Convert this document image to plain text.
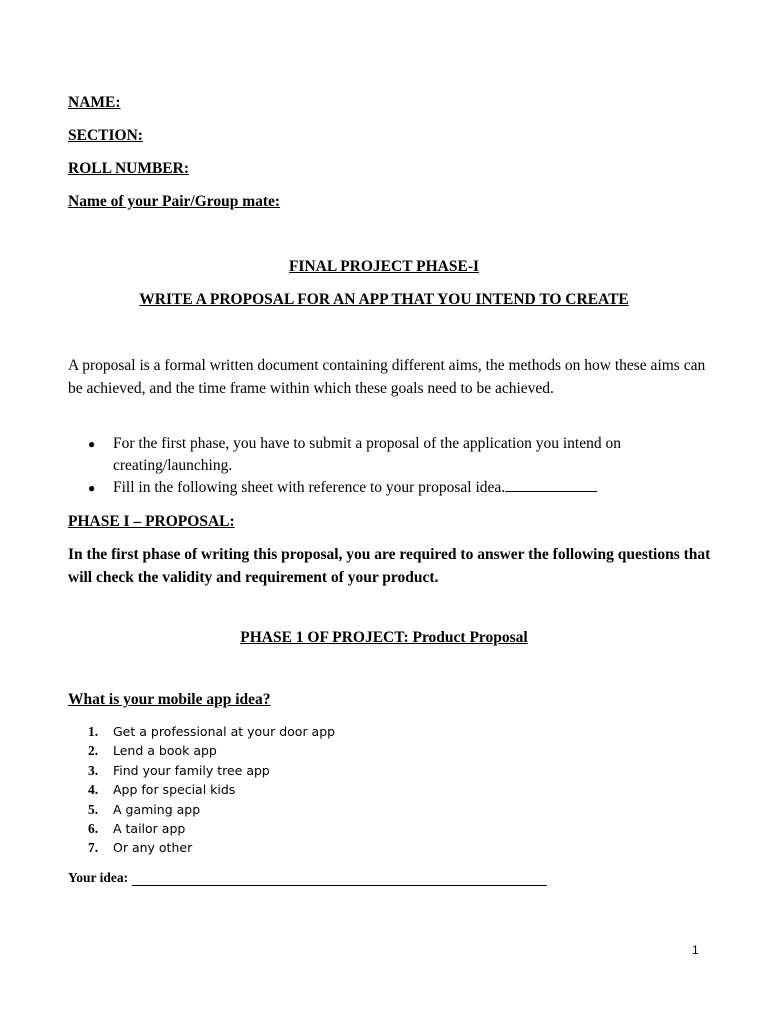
NAME:
SECTION:
ROLL NUMBER:
Name of your Pair/Group mate:
FINAL PROJECT PHASE-I
WRITE A PROPOSAL FOR AN APP THAT YOU INTEND TO CREATE
A proposal is a formal written document containing different aims, the methods on how these aims can be achieved, and the time frame within which these goals need to be achieved.
●	For the first phase, you have to submit a proposal of the application you intend on creating/launching.
●	Fill in the following sheet with reference to your proposal idea.
PHASE I – PROPOSAL:
In the first phase of writing this proposal, you are required to answer the following questions that will check the validity and requirement of your product.
PHASE 1 OF PROJECT: Product Proposal
What is your mobile app idea?
1.	Get a professional at your door app
2.	Lend a book app
3.	Find your family tree app
4.	App for special kids
5.	A gaming app
6.	A tailor app
7.	Or any other
Your idea:
1
